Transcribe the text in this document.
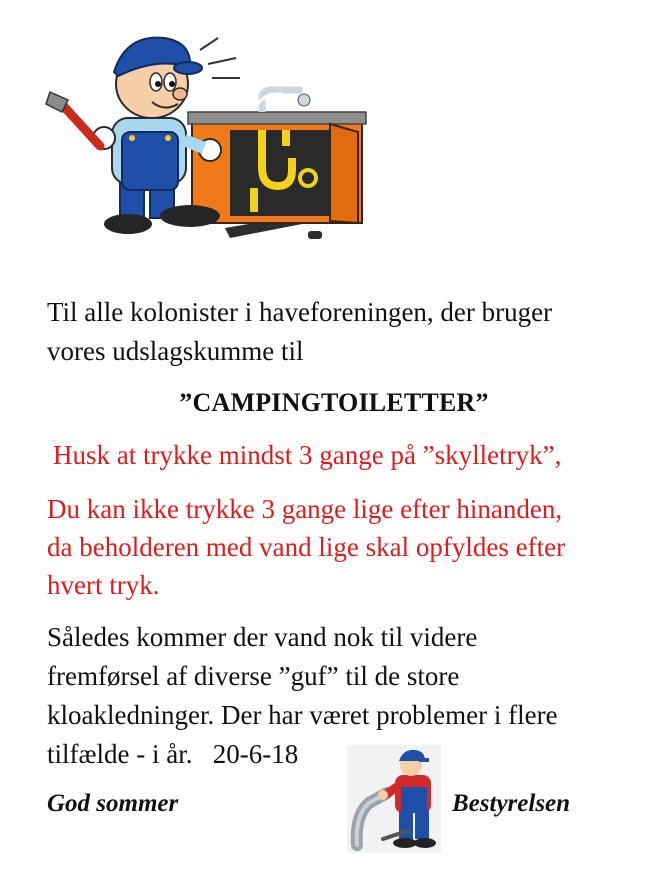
Til alle kolonister i haveforeningen, der bruger
vores udslagskumme til
”CAMPINGTOILETTER”
Husk at trykke mindst 3 gange på ”skylletryk”,
Du kan ikke trykke 3 gange lige efter hinanden,
da beholderen med vand lige skal opfyldes efter
hvert tryk.
Således kommer der vand nok til videre
fremførsel af diverse ”guf” til de store
kloakledninger. Der har været problemer i flere
tilfælde - i år.   20-6-18
God sommer	Bestyrelsen
